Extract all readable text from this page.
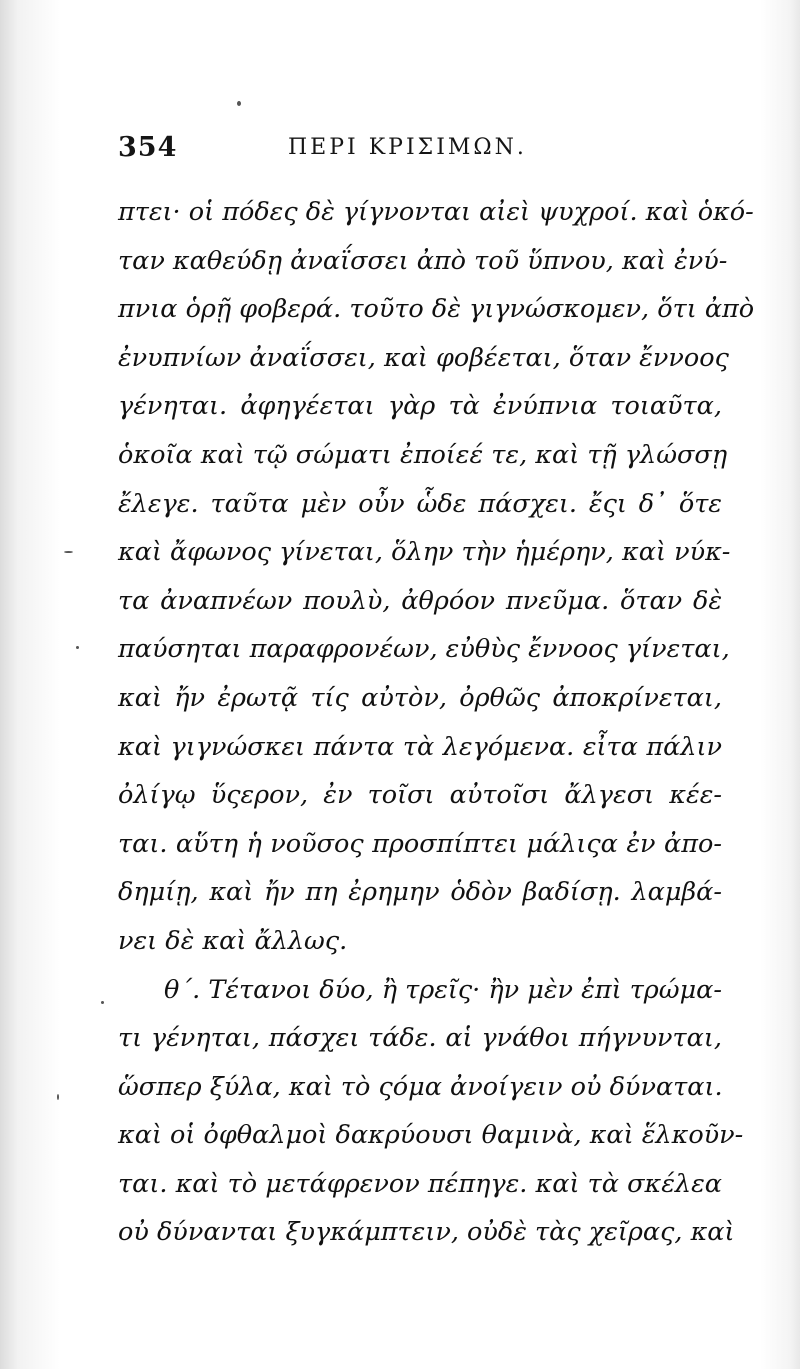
354	ΠΕΡΙ ΚΡΙΣΙΜΩΝ.
πτει· οἱ πόδες δὲ γίγνονται αἰεὶ ψυχροί. καὶ ὁκό-
ταν καθεύδῃ ἀναΐσσει ἀπὸ τοῦ ὕπνου, καὶ ἐνύ-
πνια ὁρῇ φοβερά. τοῦτο δὲ γιγνώσκομεν, ὅτι ἀπὸ
ἐνυπνίων ἀναΐσσει, καὶ φοβέεται, ὅταν ἔννοος
γένηται. ἀφηγέεται γὰρ τὰ ἐνύπνια τοιαῦτα,
ὁκοῖα καὶ τῷ σώματι ἐποίεέ τε, καὶ τῇ γλώσσῃ
ἔλεγε. ταῦτα μὲν οὖν ὧδε πάσχει. ἔςι δ᾽ ὅτε
καὶ ἄφωνος γίνεται, ὅλην τὴν ἡμέρην, καὶ νύκ-
τα ἀναπνέων πουλὺ, ἀθρόον πνεῦμα. ὅταν δὲ
παύσηται παραφρονέων, εὐθὺς ἔννοος γίνεται,
καὶ ἤν ἐρωτᾷ τίς αὐτὸν, ὀρθῶς ἀποκρίνεται,
καὶ γιγνώσκει πάντα τὰ λεγόμενα. εἶτα πάλιν
ὀλίγῳ ὕςερον, ἐν τοῖσι αὐτοῖσι ἄλγεσι κέε-
ται. αὕτη ἡ νοῦσος προσπίπτει μάλιςα ἐν ἀπο-
δημίῃ, καὶ ἤν πη ἐρημην ὁδὸν βαδίσῃ. λαμβά-
νει δὲ καὶ ἄλλως.
θ΄. Τέτανοι δύο, ἢ τρεῖς· ἢν μὲν ἐπὶ τρώμα-
τι γένηται, πάσχει τάδε. αἱ γνάθοι πήγνυνται,
ὥσπερ ξύλα, καὶ τὸ ςόμα ἀνοίγειν οὐ δύναται.
καὶ οἱ ὀφθαλμοὶ δακρύουσι θαμινὰ, καὶ ἕλκοῦν-
ται. καὶ τὸ μετάφρενον πέπηγε. καὶ τὰ σκέλεα
οὐ δύνανται ξυγκάμπτειν, οὐδὲ τὰς χεῖρας, καὶ
